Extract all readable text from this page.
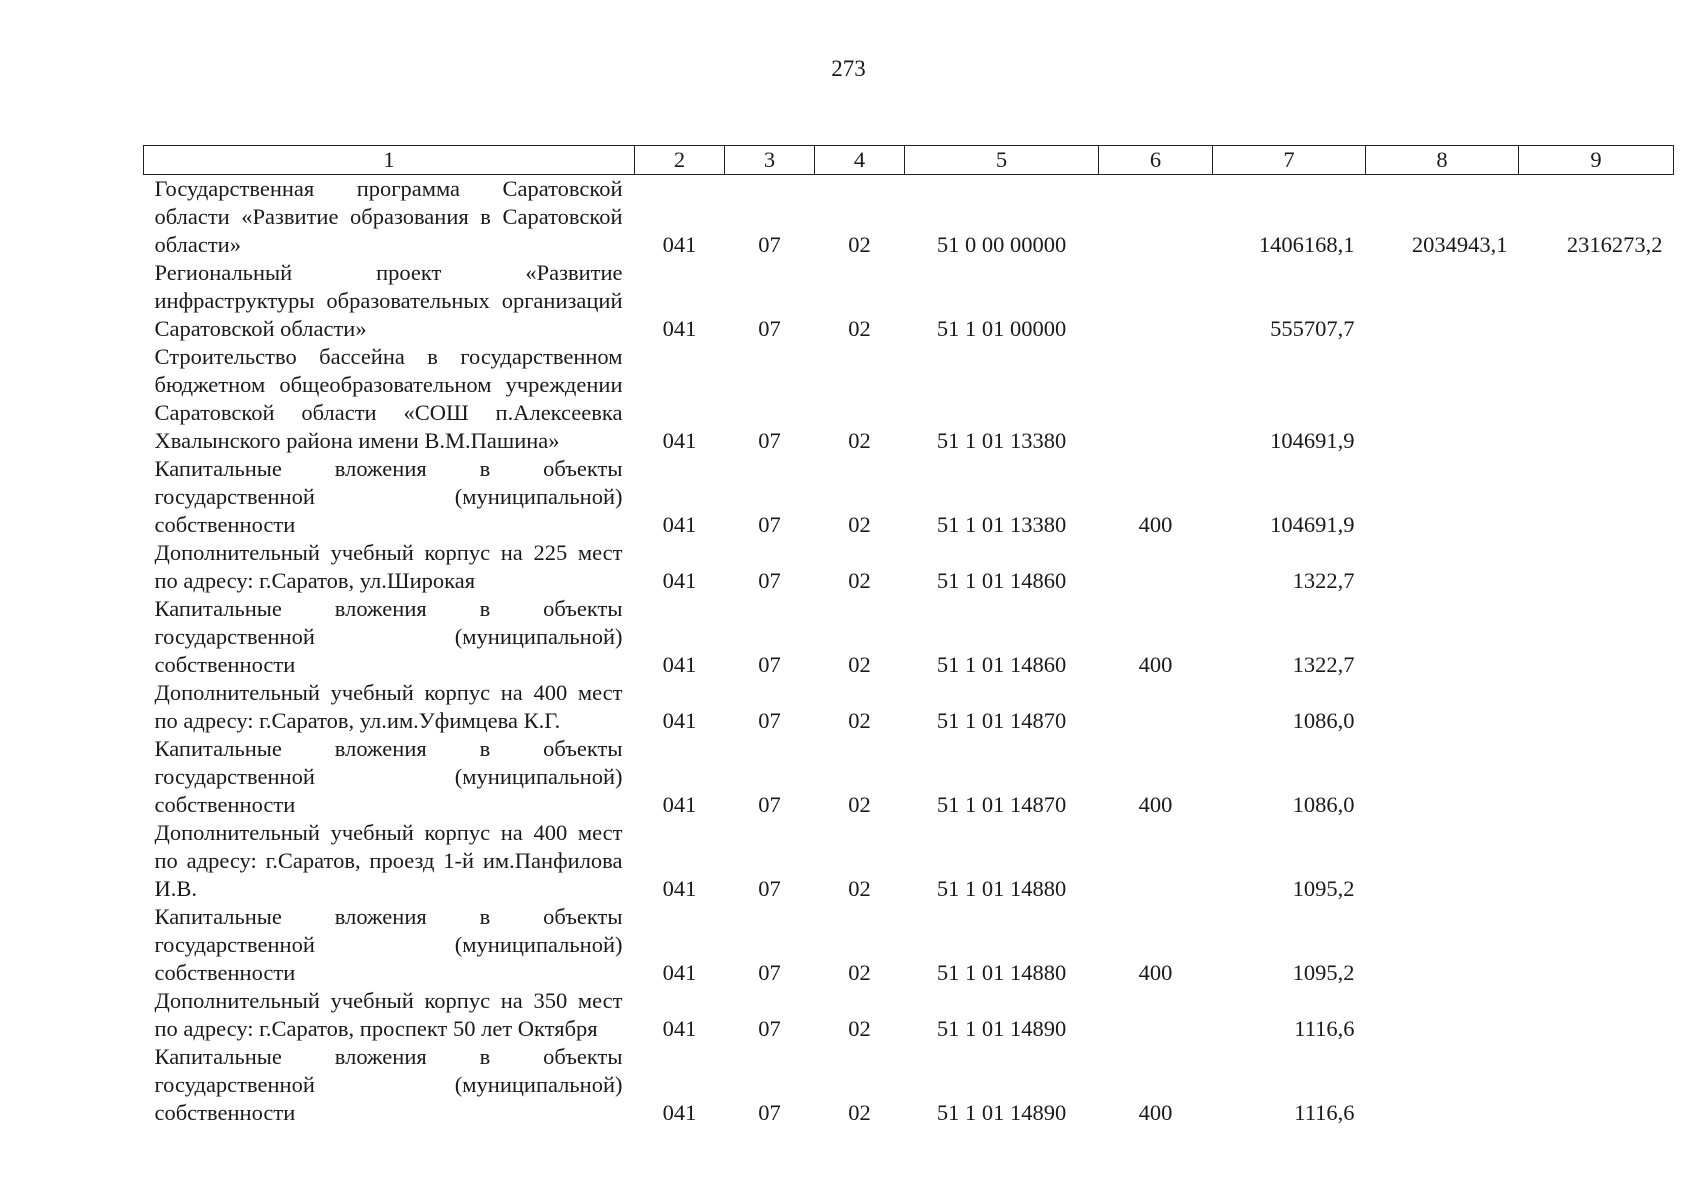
273
1	2	3	4	5	6	7	8	9
Государственная программа Саратовской области «Развитие образования в Саратовской области»	041	07	02	51 0 00 00000		1406168,1	2034943,1	2316273,2
Региональный проект «Развитие инфраструктуры образовательных организаций Саратовской области»	041	07	02	51 1 01 00000		555707,7		
Строительство бассейна в государственном бюджетном общеобразовательном учреждении Саратовской области «СОШ п.Алексеевка Хвалынского района имени В.М.Пашина»	041	07	02	51 1 01 13380		104691,9		
Капитальные вложения в объекты государственной (муниципальной) собственности	041	07	02	51 1 01 13380	400	104691,9		
Дополнительный учебный корпус на 225 мест по адресу: г.Саратов, ул.Широкая	041	07	02	51 1 01 14860		1322,7		
Капитальные вложения в объекты государственной (муниципальной) собственности	041	07	02	51 1 01 14860	400	1322,7		
Дополнительный учебный корпус на 400 мест по адресу: г.Саратов, ул.им.Уфимцева К.Г.	041	07	02	51 1 01 14870		1086,0		
Капитальные вложения в объекты государственной (муниципальной) собственности	041	07	02	51 1 01 14870	400	1086,0		
Дополнительный учебный корпус на 400 мест по адресу: г.Саратов, проезд 1-й им.Панфилова И.В.	041	07	02	51 1 01 14880		1095,2		
Капитальные вложения в объекты государственной (муниципальной) собственности	041	07	02	51 1 01 14880	400	1095,2		
Дополнительный учебный корпус на 350 мест по адресу: г.Саратов, проспект 50 лет Октября	041	07	02	51 1 01 14890		1116,6		
Капитальные вложения в объекты государственной (муниципальной) собственности	041	07	02	51 1 01 14890	400	1116,6		
